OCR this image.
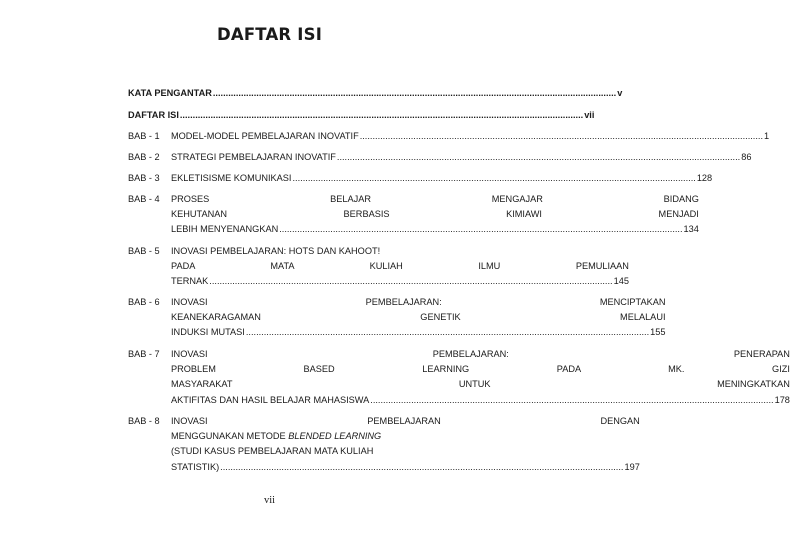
DAFTAR ISI
KATA PENGANTAR .....	v
DAFTAR ISI .....	vii
BAB - 1	MODEL-MODEL PEMBELAJARAN INOVATIF .....	1
BAB - 2	STRATEGI PEMBELAJARAN INOVATIF .....	86
BAB - 3	EKLETISISME KOMUNIKASI .....	128
BAB - 4	PROSES BELAJAR MENGAJAR BIDANG
KEHUTANAN BERBASIS KIMIAWI MENJADI
LEBIH MENYENANGKAN .....	134
BAB - 5	INOVASI PEMBELAJARAN: HOTS DAN KAHOOT!
PADA MATA KULIAH ILMU PEMULIAAN
TERNAK .....	145
BAB - 6	INOVASI PEMBELAJARAN: MENCIPTAKAN
KEANEKARAGAMAN GENETIK MELALAUI
INDUKSI MUTASI .....	155
BAB - 7	INOVASI PEMBELAJARAN: PENERAPAN
PROBLEM BASED LEARNING PADA MK. GIZI
MASYARAKAT UNTUK MENINGKATKAN
AKTIFITAS DAN HASIL BELAJAR MAHASISWA .....	178
BAB - 8	INOVASI PEMBELAJARAN DENGAN
MENGGUNAKAN METODE BLENDED LEARNING
(STUDI KASUS PEMBELAJARAN MATA KULIAH
STATISTIK) .....	197
vii
